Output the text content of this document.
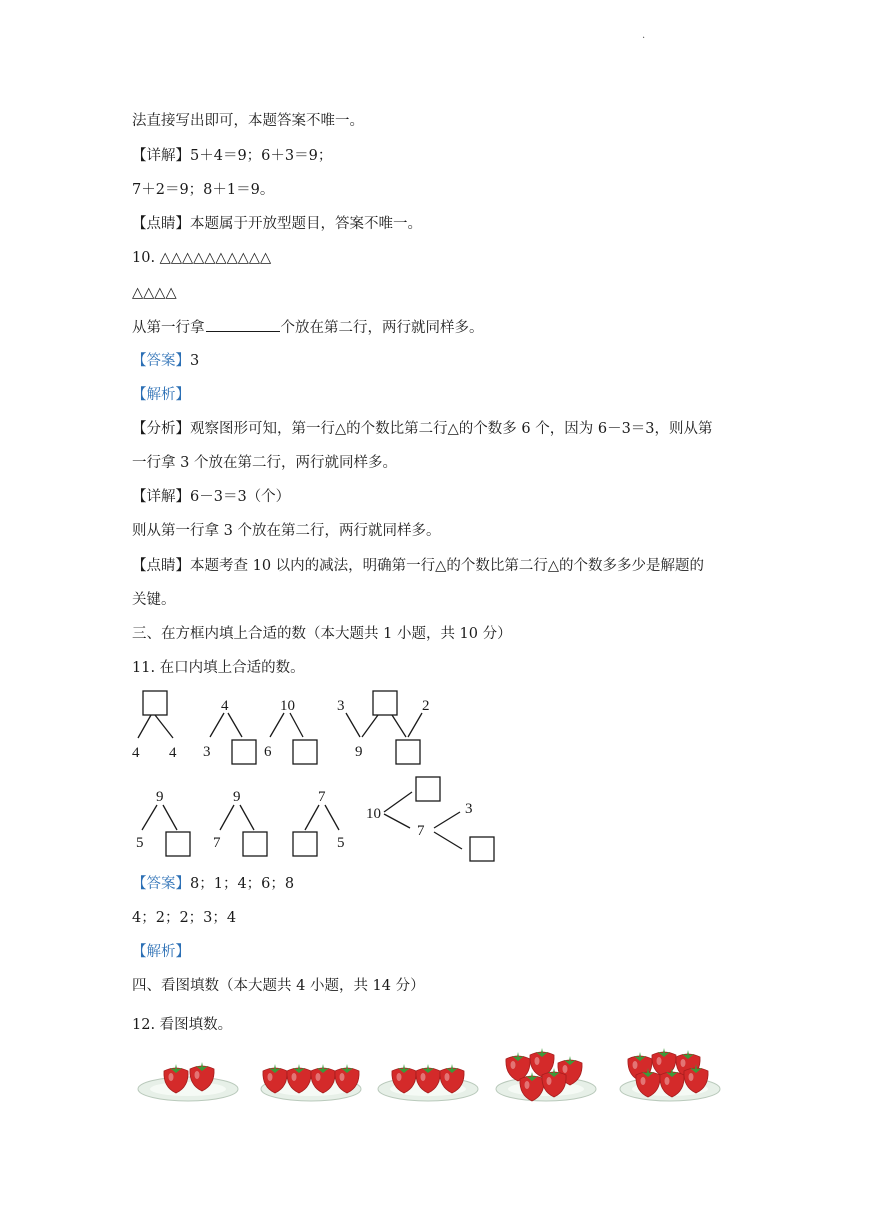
.
法直接写出即可，本题答案不唯一。
【详解】5＋4＝9；6＋3＝9；
7＋2＝9；8＋1＝9。
【点睛】本题属于开放型题目，答案不唯一。
10. △△△△△△△△△△
△△△△
从第一行拿	个放在第二行，两行就同样多。
【答案】3
【解析】
【分析】观察图形可知，第一行△的个数比第二行△的个数多 6 个，因为 6－3＝3，则从第
一行拿 3 个放在第二行，两行就同样多。
【详解】6－3＝3（个）
则从第一行拿 3 个放在第二行，两行就同样多。
【点睛】本题考查 10 以内的减法，明确第一行△的个数比第二行△的个数多多少是解题的
关键。
三、在方框内填上合适的数（本大题共 1 小题，共 10 分）
11. 在口内填上合适的数。
4 4
4
3
10
6
3	2
9
9
5
9
7
7
5
10	3
7
【答案】8；1；4；6；8
4；2；2；3；4
【解析】
四、看图填数（本大题共 4 小题，共 14 分）
12. 看图填数。
